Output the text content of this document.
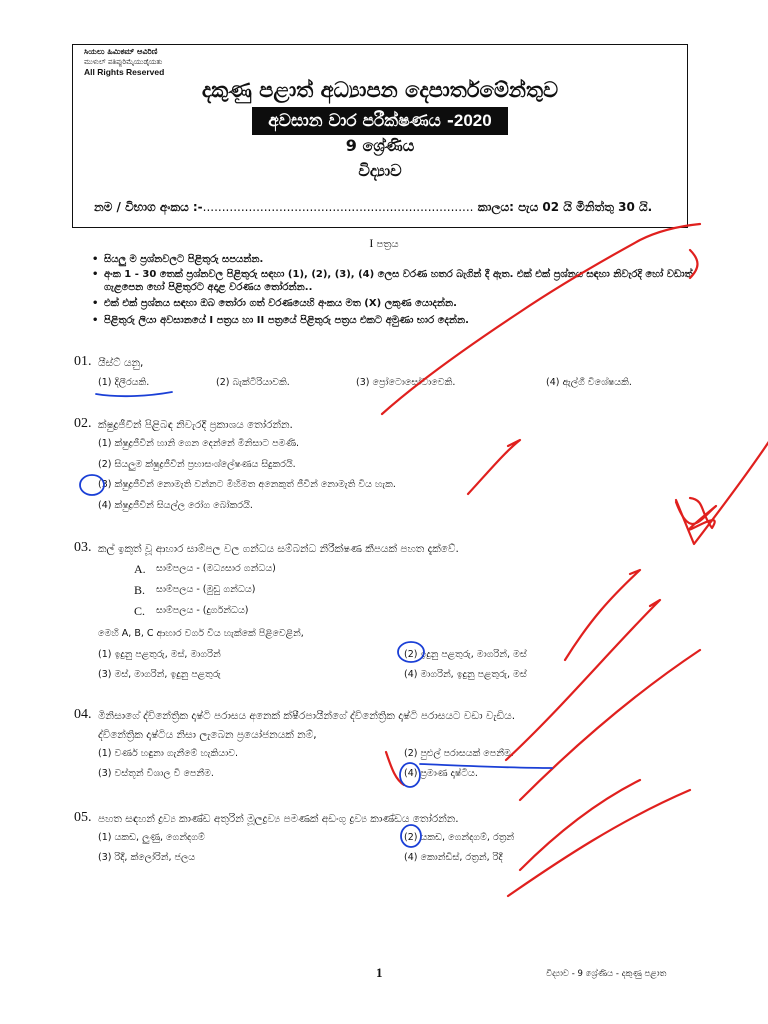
ಸಿಯಲು ಹಿಮಿಕಮ್ ಆವಿರಿಣಿ
ಮುಳುಲ್ ಪತಿಪ್ಪುರಿಮೈಯುಡೈಯತು
All Rights Reserved
දකුණු පළාත් අධ්‍යාපන දෙපාර්තමේන්තුව
අවසාන වාර පරීක්ෂණය - 2020
9 ශ්‍රේණිය
විද්‍යාව
නම / විභාග අංකය :-....................................................................... කාලය: පැය 02 යි මිනිත්තු 30 යි.
I පත්‍රය
• සියලු ම ප්‍රශ්නවලට පිළිතුරු සපයන්න.
• අංක 1 - 30 තෙක් ප්‍රශ්නවල පිළිතුරු සඳහා (1), (2), (3), (4) ලෙස වරණ හතර බැගින් දී ඇත. එක් එක් ප්‍රශ්නය සඳහා නිවැරදි හෝ වඩාත් ගැළපෙන හෝ පිළිතුරට අදාළ වරණය තෝරන්න..
• එක් එක් ප්‍රශ්නය සඳහා ඔබ තෝරා ගත් වරණයෙහි අංකය මත (X) ලකුණ යොදන්න.
• පිළිතුරු ලියා අවසානයේ I පත්‍රය හා II පත්‍රයේ පිළිතුරු පත්‍රය එකට අමුණා භාර දෙන්න.
01. යීස්ට් යනු,
(1) දිලීරයකි.	(2) බැක්ටීරියාවකි.	(3) ප්‍රෝටොසෝවාවෙකි.	(4) ඇල්ගී විශේෂයකි.
02. ක්ෂුද්‍රජීවීන් පිළිබඳ නිවැරදි ප්‍රකාශය තෝරන්න.
(1) ක්ෂුද්‍රජීවීන් හානි ගෙන දෙන්නේ මිනිසාට පමණි.
(2) සියලුම ක්ෂුද්‍රජීවීන් ප්‍රභාසංශ්ලේෂණය සිදුකරයි.
(3) ක්ෂුද්‍රජීවීන් නොමැති වන්නට මිහිමත අනෙකුත් ජීවීන් නොමැති විය හැක.
(4) ක්ෂුද්‍රජීවීන් සියල්ල රෝග බෝකරයි.
03. කල් ඉකුත් වූ ආහාර සාම්පල වල ගන්ධය සම්බන්ධ නිරීක්ෂණ කීපයක් පහත දැක්වේ.
A. සාම්පලය - (මධ්‍යසාර ගන්ධය)
B. සාම්පලය - (මුඩු ගන්ධය)
C. සාම්පලය - (දුර්ගන්ධය)
මෙහි A, B, C ආහාර වර්ග විය හැක්කේ පිළිවෙළින්,
(1) ඉදුනු පළතුරු, මස්, මාගරින්	(2) ඉදුනු පළතුරු, මාගරින්, මස්
(3) මස්, මාගරින්, ඉදුනු පළතුරු	(4) මාගරින්, ඉදුනු පළතුරු, මස්
04. මිනිසාගේ ද්විනේත්‍රික දෘෂ්ටි පරාසය අනෙක් ක්ෂීරපායීන්ගේ ද්විනේත්‍රික දෘෂ්ටි පරාසයට වඩා වැඩිය.
ද්විනේත්‍රික දෘෂ්ටිය නිසා ලැබෙන ප්‍රයෝජනයක් නම්,
(1) වර්ණ හඳුනා ගැනීමේ හැකියාව.	(2) පුළුල් පරාසයක් පෙනීම.
(3) වස්තූන් විශාල වී පෙනීම.	(4) ප්‍රමාණ දෘෂ්ටිය.
05. පහත සඳහන් ද්‍රව්‍ය කාණ්ඩ අතුරින් මූලද්‍රව්‍ය පමණක් අඩංගු ද්‍රව්‍ය කාණ්ඩය තෝරන්න.
(1) යකඩ, ලුණු, ගෙන්දගම්	(2) යකඩ, ගෙන්දගම්, රත්‍රන්
(3) රිදී, ක්ලෝරින්, ජලය	(4) කොන්ඩිස්, රත්‍රන්, රිදී
1	විද්‍යාව - 9 ශ්‍රේණිය - දකුණු පළාත
